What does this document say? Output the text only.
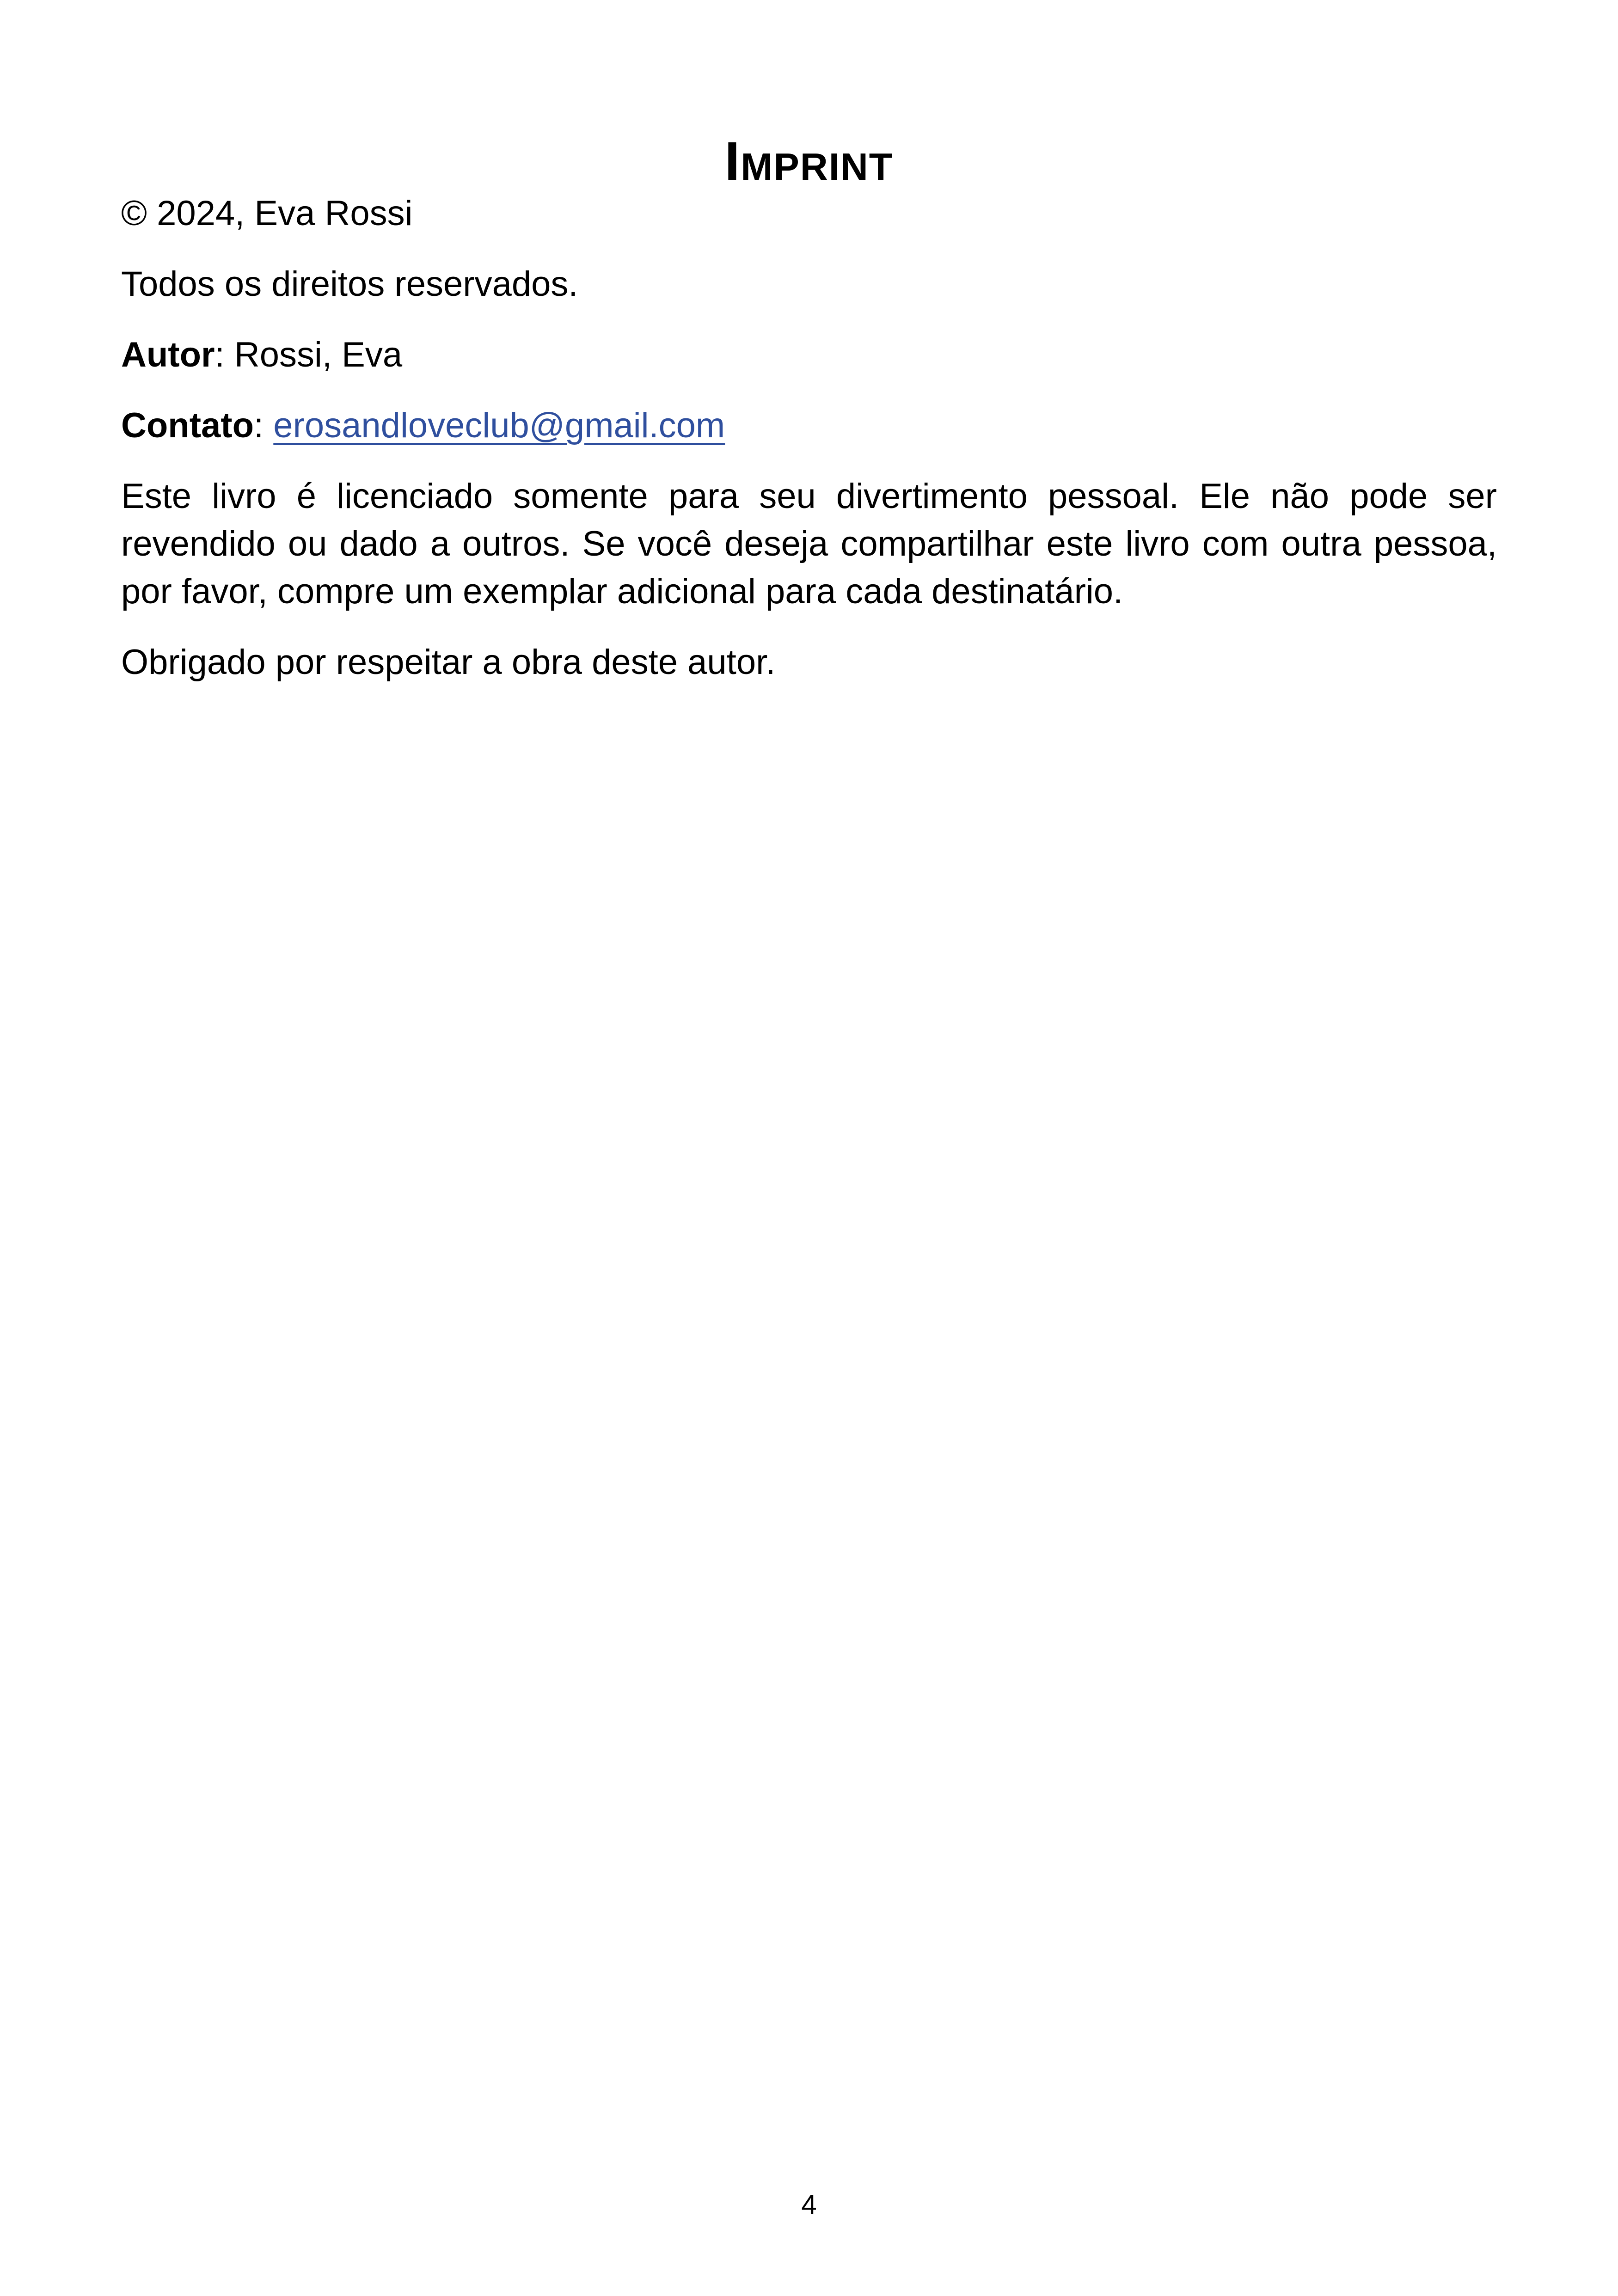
Imprint

© 2024, Eva Rossi

Todos os direitos reservados.

Autor: Rossi, Eva

Contato: erosandloveclub@gmail.com

Este livro é licenciado somente para seu divertimento pessoal. Ele não pode ser revendido ou dado a outros. Se você deseja compartilhar este livro com outra pessoa, por favor, compre um exemplar adicional para cada destinatário.

Obrigado por respeitar a obra deste autor.

4
